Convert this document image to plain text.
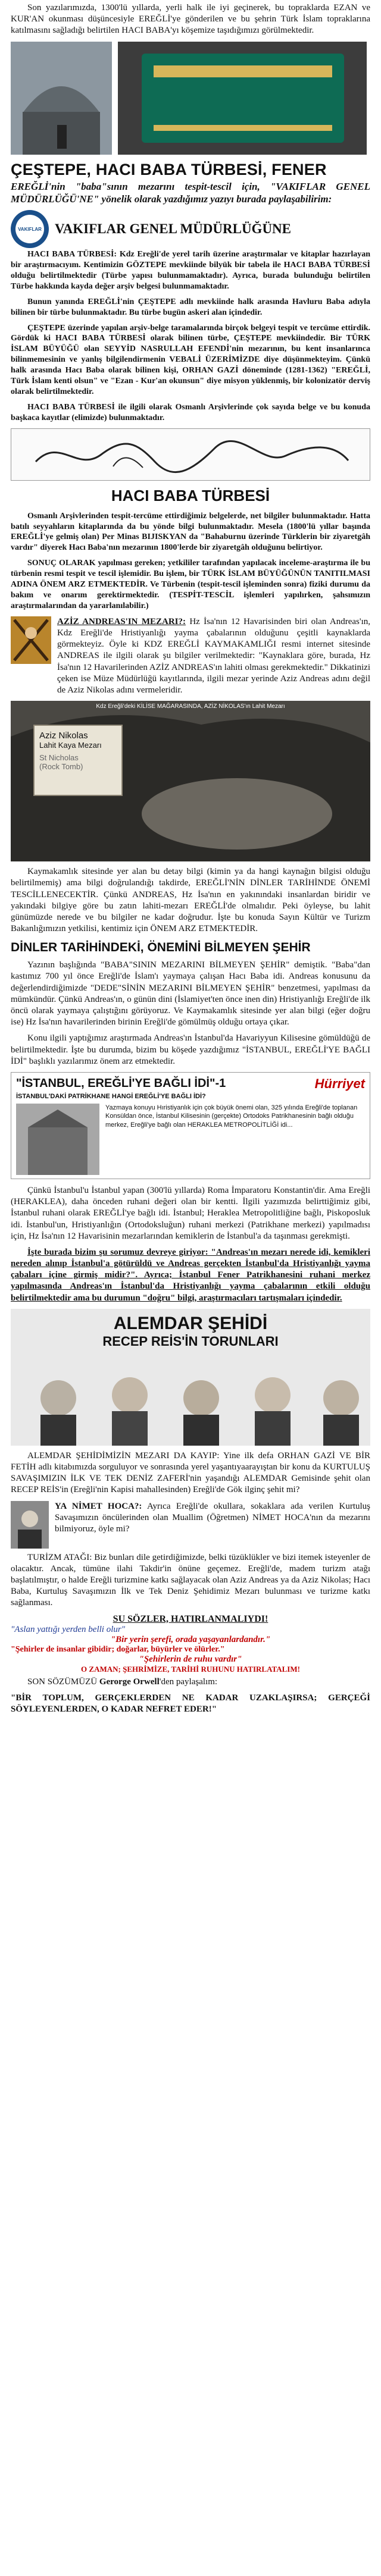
Son yazılarımızda, 1300'lü yıllarda, yerli halk ile iyi geçinerek, bu topraklarda EZAN ve KUR'AN okunması düşüncesiyle EREĞLİ'ye gönderilen ve bu şehrin Türk İslam topraklarına katılmasını sağladığı belirtilen HACI BABA'yı köşemize taşıdığımızı görülmektedir.

ÇEŞTEPE, HACI BABA TÜRBESİ, FENER

EREĞLİ'nin "baba"sının mezarını tespit-tescil için, "VAKIFLAR GENEL MÜDÜRLÜĞÜ'NE" yönelik olarak yazdığımız yazıyı burada paylaşabilirim:

VAKIFLAR VAKIFLAR GENEL MÜDÜRLÜĞÜNE

HACI BABA TÜRBESİ: Kdz Ereğli'de yerel tarih üzerine araştırmalar ve kitaplar hazırlayan bir araştırmacıyım. Kentimizin GÖZTEPE mevkiinde bilyük bir tabela ile HACI BABA TÜRBESİ olduğu belirtilmektedir (Türbe yapısı bulunmamaktadır). Ayrıca, burada bulunduğu belirtilen Türbe hakkında kayda değer arşiv belgesi bulunmamaktadır.

Bunun yanında EREĞLİ'nin ÇEŞTEPE adlı mevkiinde halk arasında Havluru Baba adıyla bilinen bir türbe bulunmaktadır. Bu türbe bugün askeri alan içindedir.

ÇEŞTEPE üzerinde yapılan arşiv-belge taramalarında birçok belgeyi tespit ve tercüme ettirdik. Gördük ki HACI BABA TÜRBESİ olarak bilinen türbe, ÇEŞTEPE mevkiindedir. Bir TÜRK İSLAM BÜYÜĞÜ olan SEYYİD NASRULLAH EFENDİ'nin mezarının, bu kent insanlarınca bilinmemesinin ve yanlış bilgilendirmenin VEBALİ ÜZERİMİZDE diye düşünmekteyim. Çünkü halk arasında Hacı Baba olarak bilinen kişi, ORHAN GAZİ döneminde (1281-1362) "EREĞLİ, Türk İslam kenti olsun" ve "Ezan - Kur'an okunsun" diye misyon yüklenmiş, bir kolonizatör derviş olarak belirtilmektedir.

HACI BABA TÜRBESİ ile ilgili olarak Osmanlı Arşivlerinde çok sayıda belge ve bu konuda başkaca kayıtlar (elimizde) bulunmaktadır.

HACI BABA TÜRBESİ

Osmanlı Arşivlerinden tespit-tercüme ettirdiğimiz belgelerde, net bilgiler bulunmaktadır. Hatta batılı seyyahların kitaplarında da bu yönde bilgi bulunmaktadır. Mesela (1800'lü yıllar başında EREĞLİ'ye gelmiş olan) Per Minas BIJISKYAN da "Bahaburnu üzerinde Türklerin bir ziyaretgâh vardır" diyerek Hacı Baba'nın mezarının 1800'lerde bir ziyaretgâh olduğunu belirtiyor.

SONUÇ OLARAK yapılması gereken; yetkililer tarafından yapılacak inceleme-araştırma ile bu türbenin resmi tespit ve tescil işlemidir. Bu işlem, bir TÜRK İSLAM BÜYÜĞÜNÜN TANITILMASI ADINA ÖNEM ARZ ETMEKTEDİR. Ve Türbenin (tespit-tescil işleminden sonra) fiziki durumu da bakım ve onarım gerektirmektedir. (TESPİT-TESCİL işlemleri yapılırken, şahsımızın araştırmalarından da yararlanılabilir.)

AZİZ ANDREAS'IN MEZARI?: Hz İsa'nın 12 Havarisinden biri olan Andreas'ın, Kdz Ereğli'de Hristiyanlığı yayma çabalarının olduğunu çeşitli kaynaklarda görmekteyiz. Öyle ki KDZ EREĞLİ KAYMAKAMLIĞI resmi internet sitesinde ANDREAS ile ilgili olarak şu bilgiler verilmektedir: "Kaynaklara göre, burada, Hz İsa'nın 12 Havarilerinden AZİZ ANDREAS'ın lahiti olması gerekmektedir." Dikkatinizi çeken ise Müze Müdürlüğü kayıtlarında, ilgili mezar yerinde Aziz Andreas adını değil de Aziz Nikolas adını vermeleridir.

Kdz Ereğli'deki KİLİSE MAĞARASINDA, AZİZ NİKOLAS'ın Lahit Mezarı
Aziz Nikolas
Lahit Kaya Mezarı
St Nicholas
(Rock Tomb)

Kaymakamlık sitesinde yer alan bu detay bilgi (kimin ya da hangi kaynağın bilgisi olduğu belirtilmemiş) ama bilgi doğrulandığı takdirde, EREĞLİ'NİN DİNLER TARİHİNDE ÖNEMİ TESCİLLENECEKTİR. Çünkü ANDREAS, Hz İsa'nın en yakınındaki insanlardan biridir ve yakındaki bilgiye göre bu zatın lahiti-mezarı EREĞLİ'de olmalıdır. Peki öyleyse, bu lahit günümüzde nerede ve bu bilgiler ne kadar doğrudur. İşte bu konuda Sayın Kültür ve Turizm Bakanlığımızın yetkilisi, kentimiz için ÖNEM ARZ ETMEKTEDİR.

DİNLER TARİHİNDEKİ, ÖNEMİNİ BİLMEYEN ŞEHİR

Yazının başlığında "BABA"SININ MEZARINI BİLMEYEN ŞEHİR" demiştik. "Baba"dan kastımız 700 yıl önce Ereğli'de İslam'ı yaymaya çalışan Hacı Baba idi. Andreas konusunu da değerlendirdiğimizde "DEDE"SİNİN MEZARINI BİLMEYEN ŞEHİR" benzetmesi, yapılması da mümkündür. Çünkü Andreas'ın, o günün dini (İslamiyet'ten önce inen din) Hristiyanlığı Ereğli'de ilk öncü olarak yaymaya çalıştığını görüyoruz. Ve Kaymakamlık sitesinde yer alan bilgi (eğer doğru ise) Hz İsa'nın havarilerinden birinin Ereğli'de gömülmüş olduğu ortaya çıkar.

Konu ilgili yaptığımız araştırmada Andreas'ın İstanbul'da Havariyyun Kilisesine gömüldüğü de belirtilmektedir. İşte bu durumda, bizim bu köşede yazdığımız "İSTANBUL, EREĞLİ'YE BAĞLI İDİ" başlıklı yazılarımız önem arz etmektedir.

"İSTANBUL, EREĞLİ'YE BAĞLI İDİ"-1	Hürriyet
İSTANBUL'DAKİ PATRİKHANE HANGİ EREĞLİ'YE BAĞLI İDİ?
Yazmaya konuyu Hıristiyanlık için çok büyük önemi olan, 325 yılında Ereğli'de toplanan Konsüldan önce, İstanbul Kilisesinin (gerçekte) Ortodoks Patrikhanesinin bağlı olduğu merkez, Ereğli'ye bağlı olan HERAKLEA METROPOLİTLİĞİ idi...

Çünkü İstanbul'u İstanbul yapan (300'lü yıllarda) Roma İmparatoru Konstantin'dir. Ama Ereğli (HERAKLEA), daha önceden ruhani değeri olan bir kentti. İlgili yazımızda belirttiğimiz gibi, İstanbul ruhani olarak EREĞLİ'ye bağlı idi. İstanbul; Heraklea Metropolitliğine bağlı, Piskoposluk idi. İstanbul'un, Hristiyanlığın (Ortodoksluğun) ruhani merkezi (Patrikhane merkezi) yapılmadısı için, Hz İsa'nın 12 Havarisinin mezarlarından kemiklerin de İstanbul'a da taşınması gerekmişti.

İşte burada bizim şu sorumuz devreye giriyor: "Andreas'ın mezarı nerede idi, kemikleri nereden alınıp İstanbul'a götürüldü ve Andreas gerçekten İstanbul'da Hristiyanlığı yayma çabaları içine girmiş midir?". Ayrıca; İstanbul Fener Patrikhanesini ruhani merkez yapılmasında Andreas'ın İstanbul'da Hristiyanlığı yayma çabalarının etkili olduğu belirtilmektedir ama bu durumun "doğru" bilgi, araştırmacıları tartışmaları içindedir.

ALEMDAR ŞEHİDİ
RECEP REİS'İN TORUNLARI

ALEMDAR ŞEHİDİMİZİN MEZARI DA KAYIP: Yine ilk defa ORHAN GAZİ VE BİR FETİH adlı kitabımızda sorguluyor ve sonrasında yerel yaşantıyaarayıştan bir konu da KURTULUŞ SAVAŞIMIZIN İLK VE TEK DENİZ ZAFERİ'nin yaşandığı ALEMDAR Gemisinde şehit olan RECEP REİS'in (Ereğli'nin Kapisi mahallesinden) Ereğli'de Gök ilginç şehit mi?

YA NİMET HOCA?: Ayrıca Ereğli'de okullara, sokaklara ada verilen Kurtuluş Savaşımızın öncülerinden olan Muallim (Öğretmen) NİMET HOCA'nın da mezarını bilmiyoruz, öyle mi?

TURİZM ATAĞI: Biz bunları dile getirdiğimizde, belki tüzüklükler ve bizi itemek isteyenler de olacaktır. Ancak, tümüne ilahi Takdir'in önüne geçemez. Ereğli'de, madem turizm atağı başlatılmıştır, o halde Ereğli turizmine katkı sağlayacak olan Aziz Andreas ya da Aziz Nikolas; Hacı Baba, Kurtuluş Savaşımızın İlk ve Tek Deniz Şehidimiz Mezarı bulunması ve turizme katkı sağlanması.

SU SÖZLER, HATIRLANMALIYDI!
"Aslan yattığı yerden belli olur"
"Bir yerin şerefi, orada yaşayanlardandır."
"Şehirler de insanlar gibidir; doğarlar, büyürler ve ölürler."
"Şehirlerin de ruhu vardır"
O ZAMAN; ŞEHRİMİZE, TARİHİ RUHUNU HATIRLATALIM!

SON SÖZÜMÜZÜ Gerorge Orwell'den paylaşalım:

"BİR TOPLUM, GERÇEKLERDEN NE KADAR UZAKLAŞIRSA; GERÇEĞİ SÖYLEYENLERDEN, O KADAR NEFRET EDER!"
